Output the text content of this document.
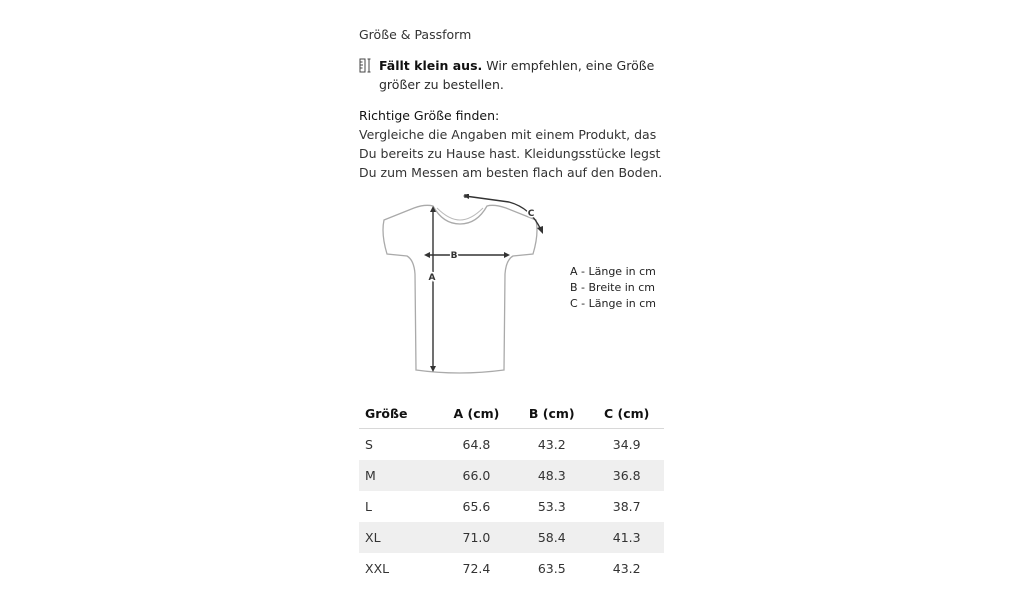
Größe & Passform

Fällt klein aus. Wir empfehlen, eine Größe größer zu bestellen.
Richtige Größe finden:
Vergleiche die Angaben mit einem Produkt, das Du bereits zu Hause hast. Kleidungsstücke legst Du zum Messen am besten flach auf den Boden.
A
B
C
A - Länge in cm
B - Breite in cm
C - Länge in cm
Größe	A (cm)	B (cm)	C (cm)
S	64.8	43.2	34.9
M	66.0	48.3	36.8
L	65.6	53.3	38.7
XL	71.0	58.4	41.3
XXL	72.4	63.5	43.2
